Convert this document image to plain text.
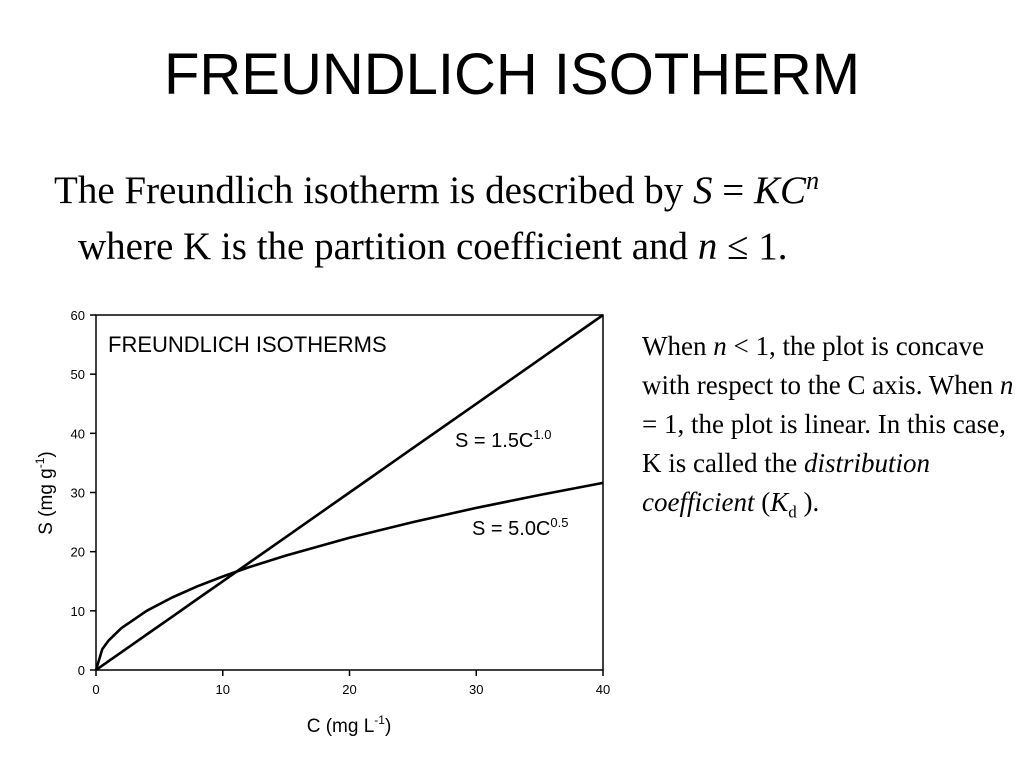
FREUNDLICH ISOTHERM
The Freundlich isotherm is described by $S = KC^n$
where K is the partition coefficient and n ≤ 1.
0	10	20	30	40
0
10
20
30
40
50
60
FREUNDLICH ISOTHERMS
$S = 1.5C^{1.0}$
$S = 5.0C^{0.5}$
C (mg $L^{-1}$)
S (mg $g^{-1}$)
When n < 1, the plot is concave with respect to the C axis. When n = 1, the plot is linear. In this case, K is called the distribution coefficient ($K_d$ ).
